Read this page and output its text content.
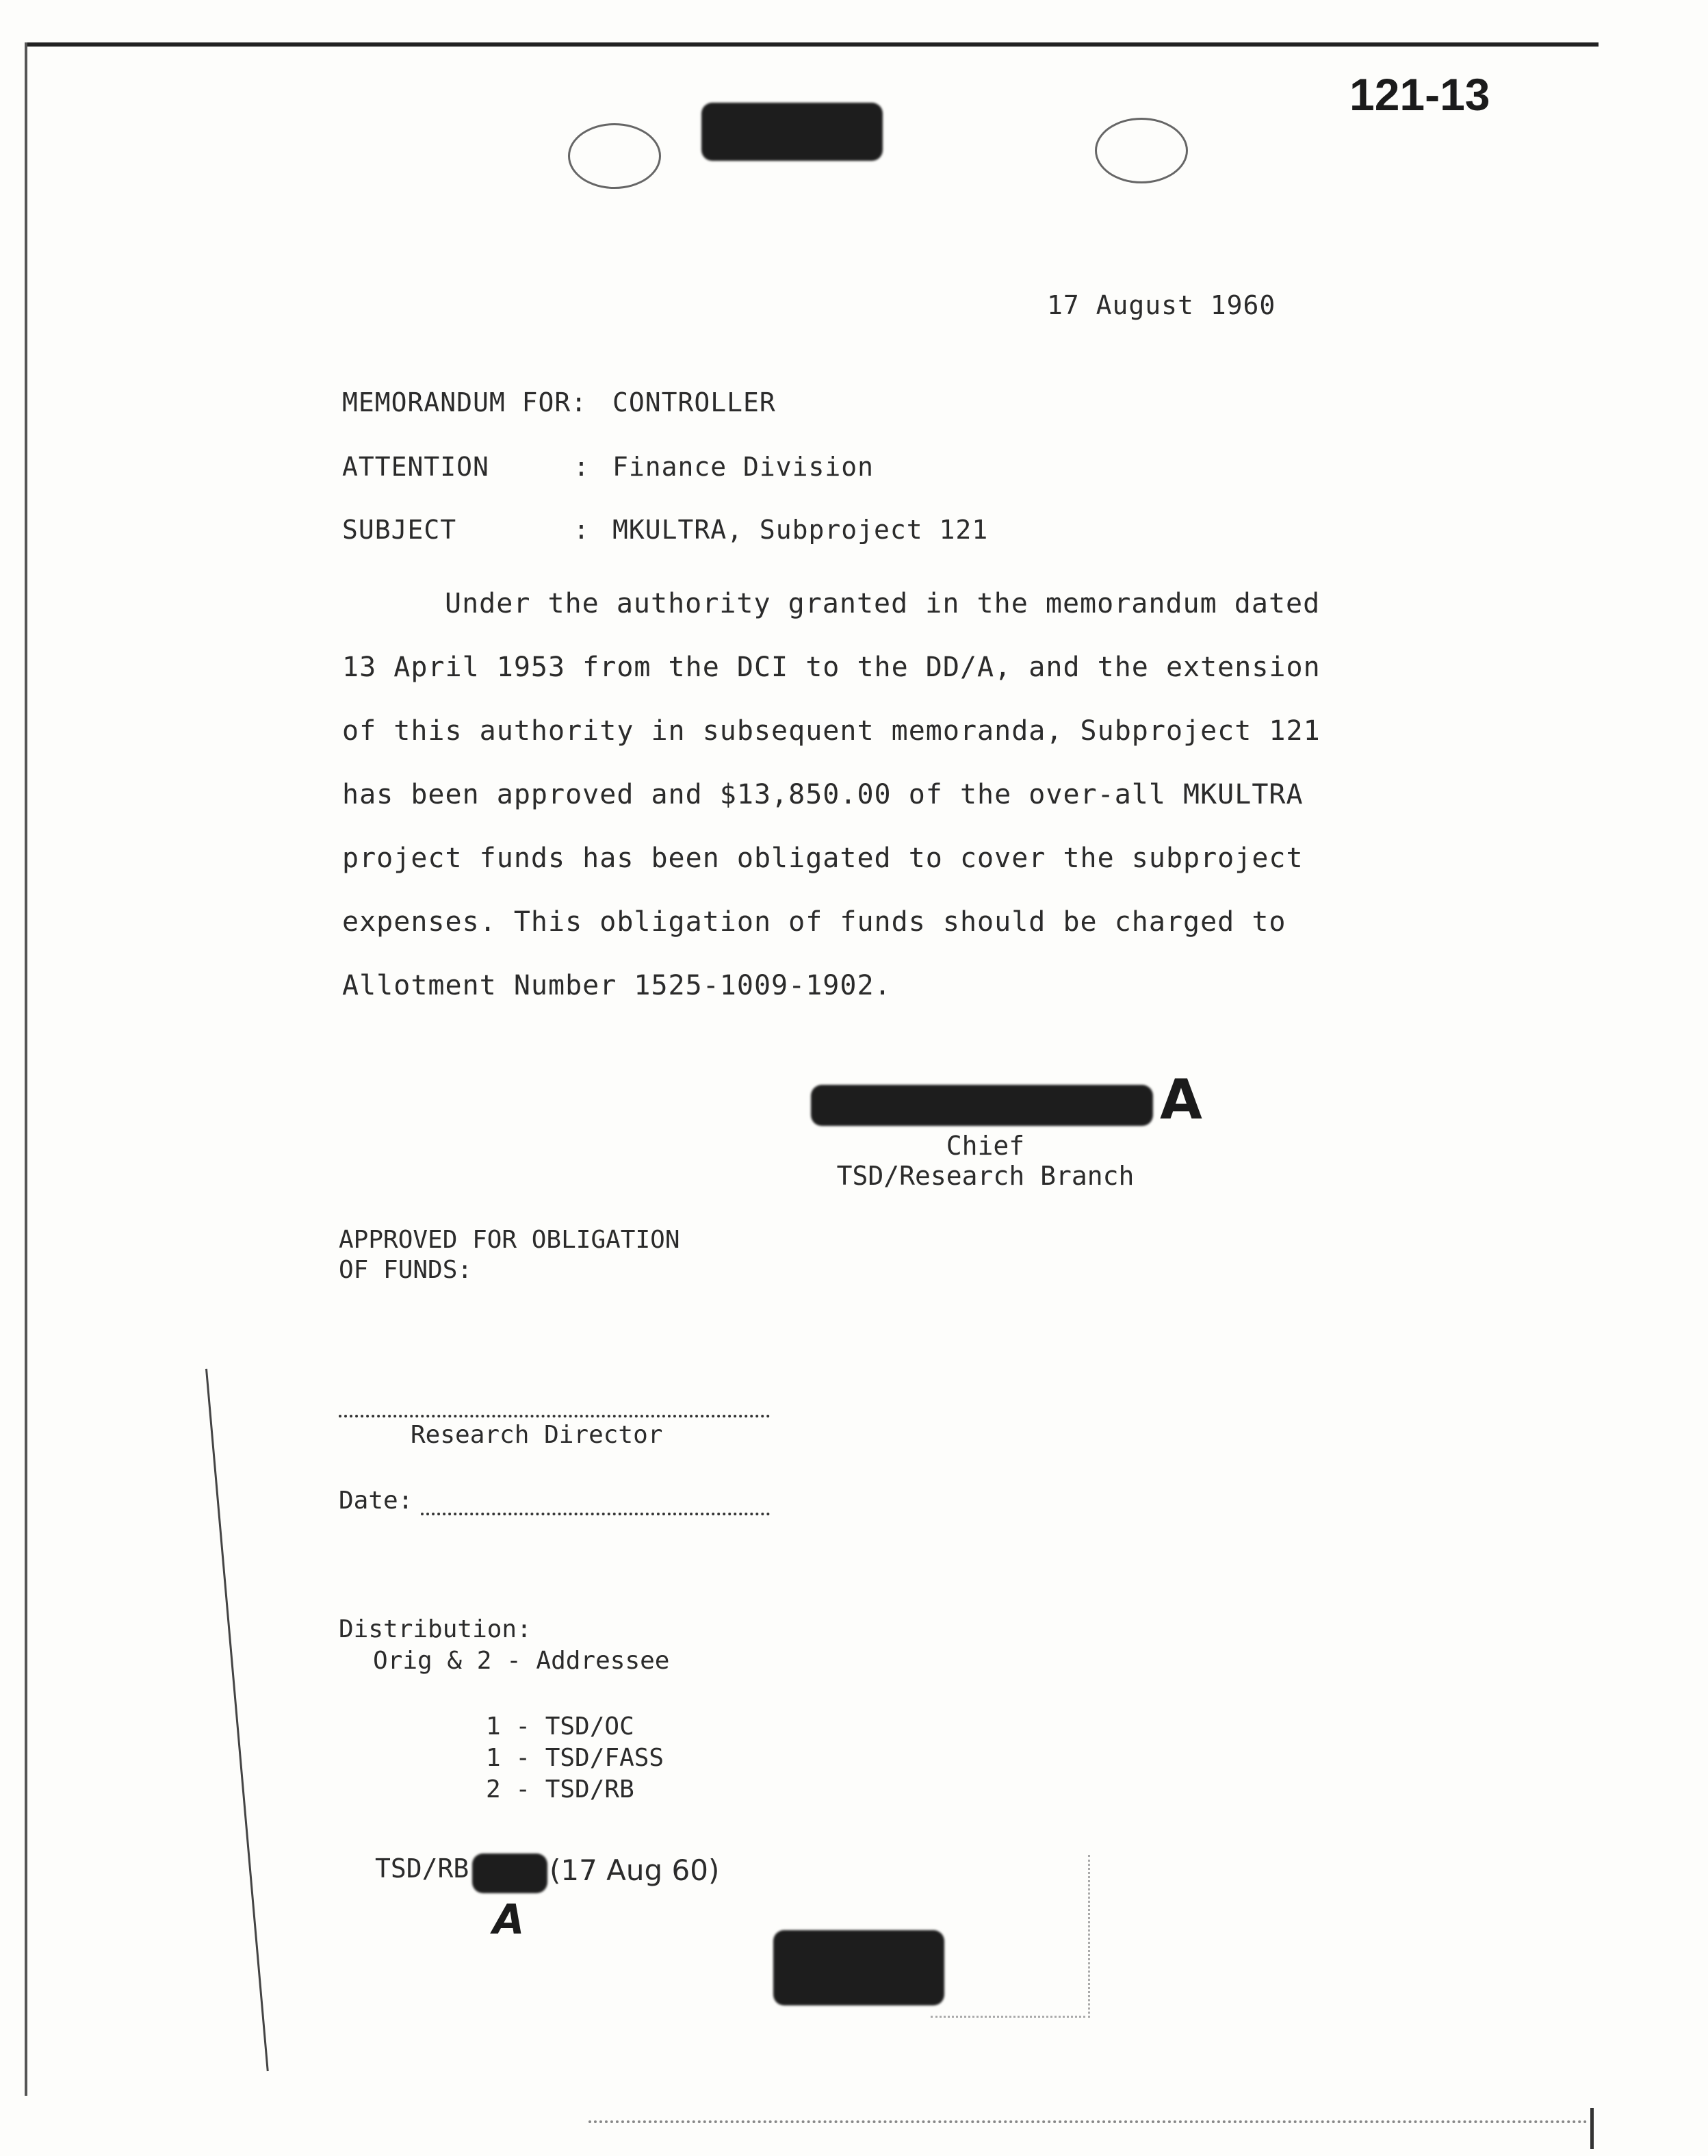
121-13
17 August 1960
MEMORANDUM FOR: CONTROLLER
ATTENTION	: Finance Division
SUBJECT	: MKULTRA, Subproject 121
Under the authority granted in the memorandum dated 13 April 1953 from the DCI to the DD/A, and the extension of this authority in subsequent memoranda, Subproject 121 has been approved and $13,850.00 of the over-all MKULTRA project funds has been obligated to cover the subproject expenses. This obligation of funds should be charged to Allotment Number 1525-1009-1902.
A
Chief
TSD/Research Branch
APPROVED FOR OBLIGATION
OF FUNDS:
Research Director
Date:
Distribution:
Orig & 2 - Addressee
1 - TSD/OC
1 - TSD/FASS
2 - TSD/RB
TSD/RB	(17 Aug 60)
A
